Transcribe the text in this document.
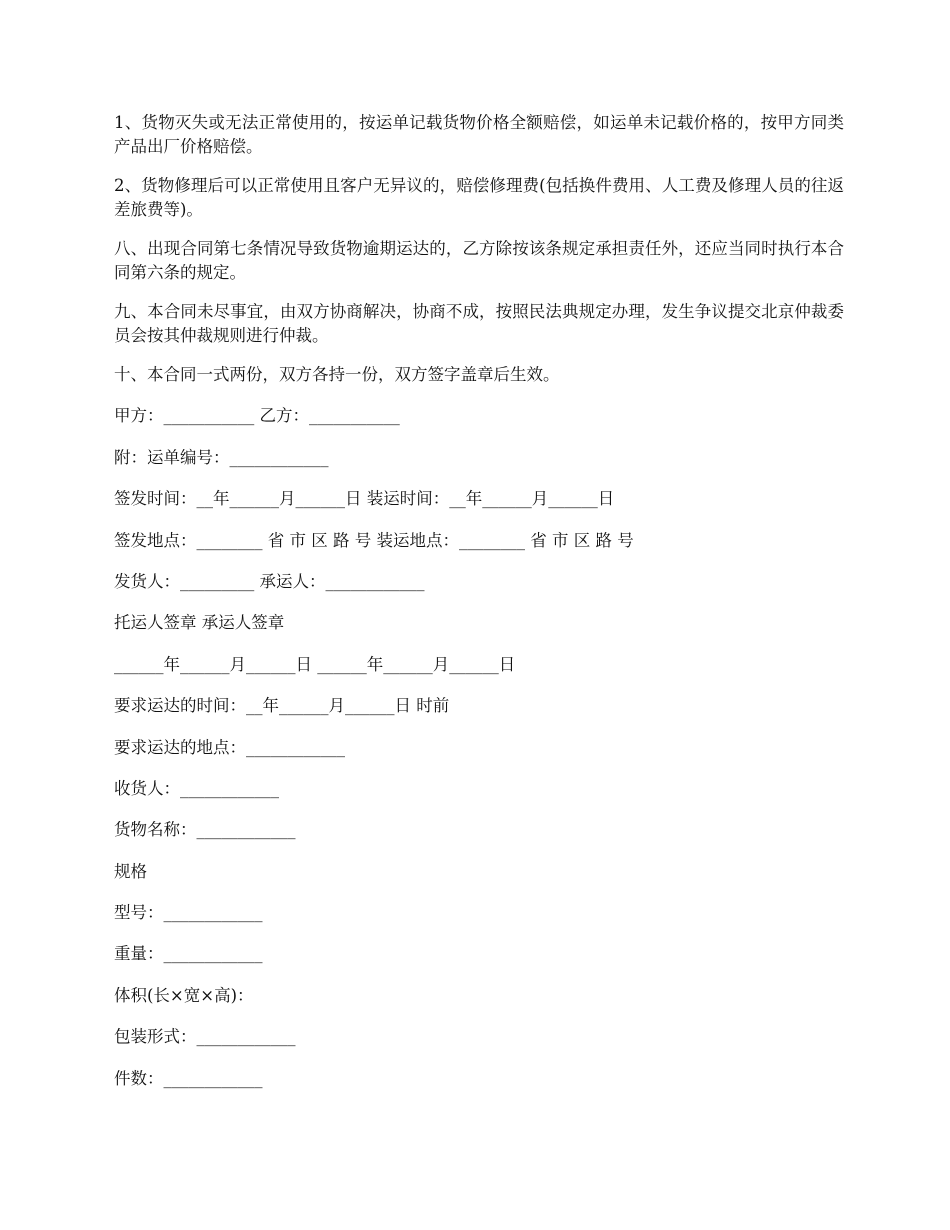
1、货物灭失或无法正常使用的，按运单记载货物价格全额赔偿，如运单未记载价格的，按甲方同类产品出厂价格赔偿。

2、货物修理后可以正常使用且客户无异议的，赔偿修理费(包括换件费用、人工费及修理人员的往返差旅费等)。

八、出现合同第七条情况导致货物逾期运达的，乙方除按该条规定承担责任外，还应当同时执行本合同第六条的规定。

九、本合同未尽事宜，由双方协商解决，协商不成，按照民法典规定办理，发生争议提交北京仲裁委员会按其仲裁规则进行仲裁。

十、本合同一式两份，双方各持一份，双方签字盖章后生效。

甲方：___________ 乙方：___________

附：运单编号：____________

签发时间：__年______月______日 装运时间：__年______月______日

签发地点：________ 省 市 区 路 号 装运地点：________ 省 市 区 路 号

发货人：_________ 承运人：____________

托运人签章 承运人签章

______年______月______日 ______年______月______日

要求运达的时间：__年______月______日 时前

要求运达的地点：____________

收货人：____________

货物名称：____________

规格

型号：____________

重量：____________

体积(长×宽×高)：

包装形式：____________

件数：____________
